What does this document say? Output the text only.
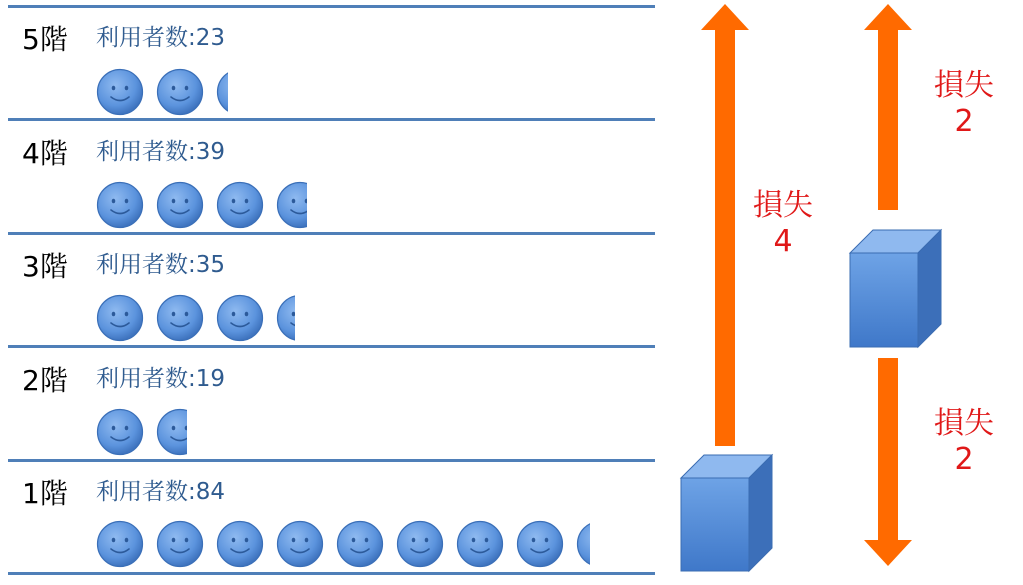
5階 利用者数:23
4階 利用者数:39
3階 利用者数:35
2階 利用者数:19
1階 利用者数:84
損失
4
損失
2
損失
2
